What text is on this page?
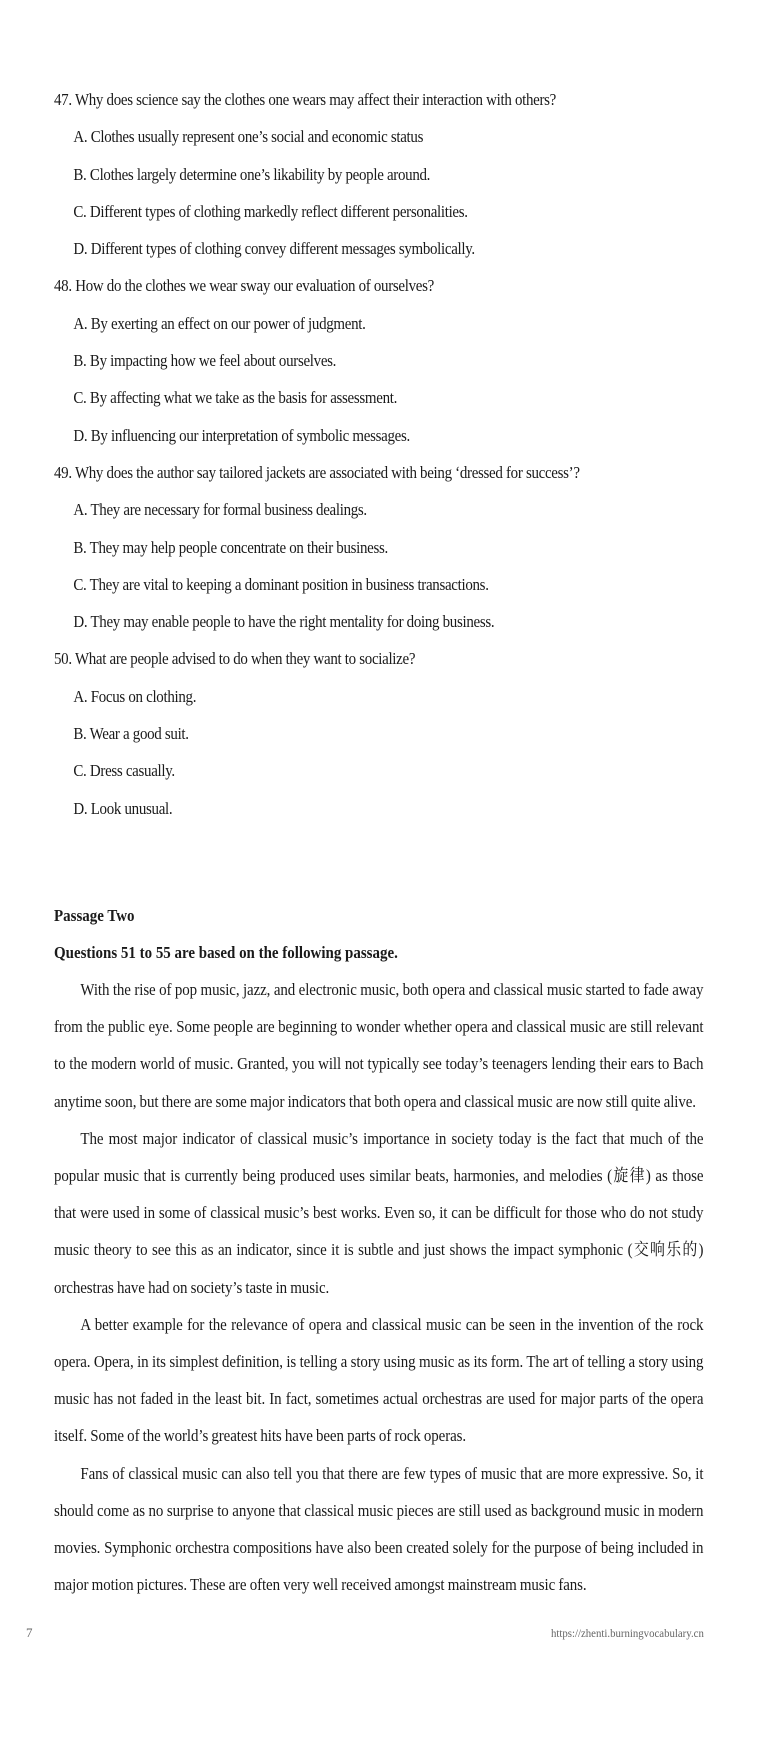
47. Why does science say the clothes one wears may affect their interaction with others?
A. Clothes usually represent one’s social and economic status
B. Clothes largely determine one’s likability by people around.
C. Different types of clothing markedly reflect different personalities.
D. Different types of clothing convey different messages symbolically.
48. How do the clothes we wear sway our evaluation of ourselves?
A. By exerting an effect on our power of judgment.
B. By impacting how we feel about ourselves.
C. By affecting what we take as the basis for assessment.
D. By influencing our interpretation of symbolic messages.
49. Why does the author say tailored jackets are associated with being ‘dressed for success’?
A. They are necessary for formal business dealings.
B. They may help people concentrate on their business.
C. They are vital to keeping a dominant position in business transactions.
D. They may enable people to have the right mentality for doing business.
50. What are people advised to do when they want to socialize?
A. Focus on clothing.
B. Wear a good suit.
C. Dress casually.
D. Look unusual.
Passage Two
Questions 51 to 55 are based on the following passage.

With the rise of pop music, jazz, and electronic music, both opera and classical music started to fade away from the public eye. Some people are beginning to wonder whether opera and classical music are still relevant to the modern world of music. Granted, you will not typically see today’s teenagers lending their ears to Bach anytime soon, but there are some major indicators that both opera and classical music are now still quite alive.

The most major indicator of classical music’s importance in society today is the fact that much of the popular music that is currently being produced uses similar beats, harmonies, and melodies (旋律) as those that were used in some of classical music’s best works. Even so, it can be difficult for those who do not study music theory to see this as an indicator, since it is subtle and just shows the impact symphonic (交响乐的) orchestras have had on society’s taste in music.

A better example for the relevance of opera and classical music can be seen in the invention of the rock opera. Opera, in its simplest definition, is telling a story using music as its form. The art of telling a story using music has not faded in the least bit. In fact, sometimes actual orchestras are used for major parts of the opera itself. Some of the world’s greatest hits have been parts of rock operas.

Fans of classical music can also tell you that there are few types of music that are more expressive. So, it should come as no surprise to anyone that classical music pieces are still used as background music in modern movies. Symphonic orchestra compositions have also been created solely for the purpose of being included in major motion pictures. These are often very well received amongst mainstream music fans.

7	https://zhenti.burningvocabulary.cn
